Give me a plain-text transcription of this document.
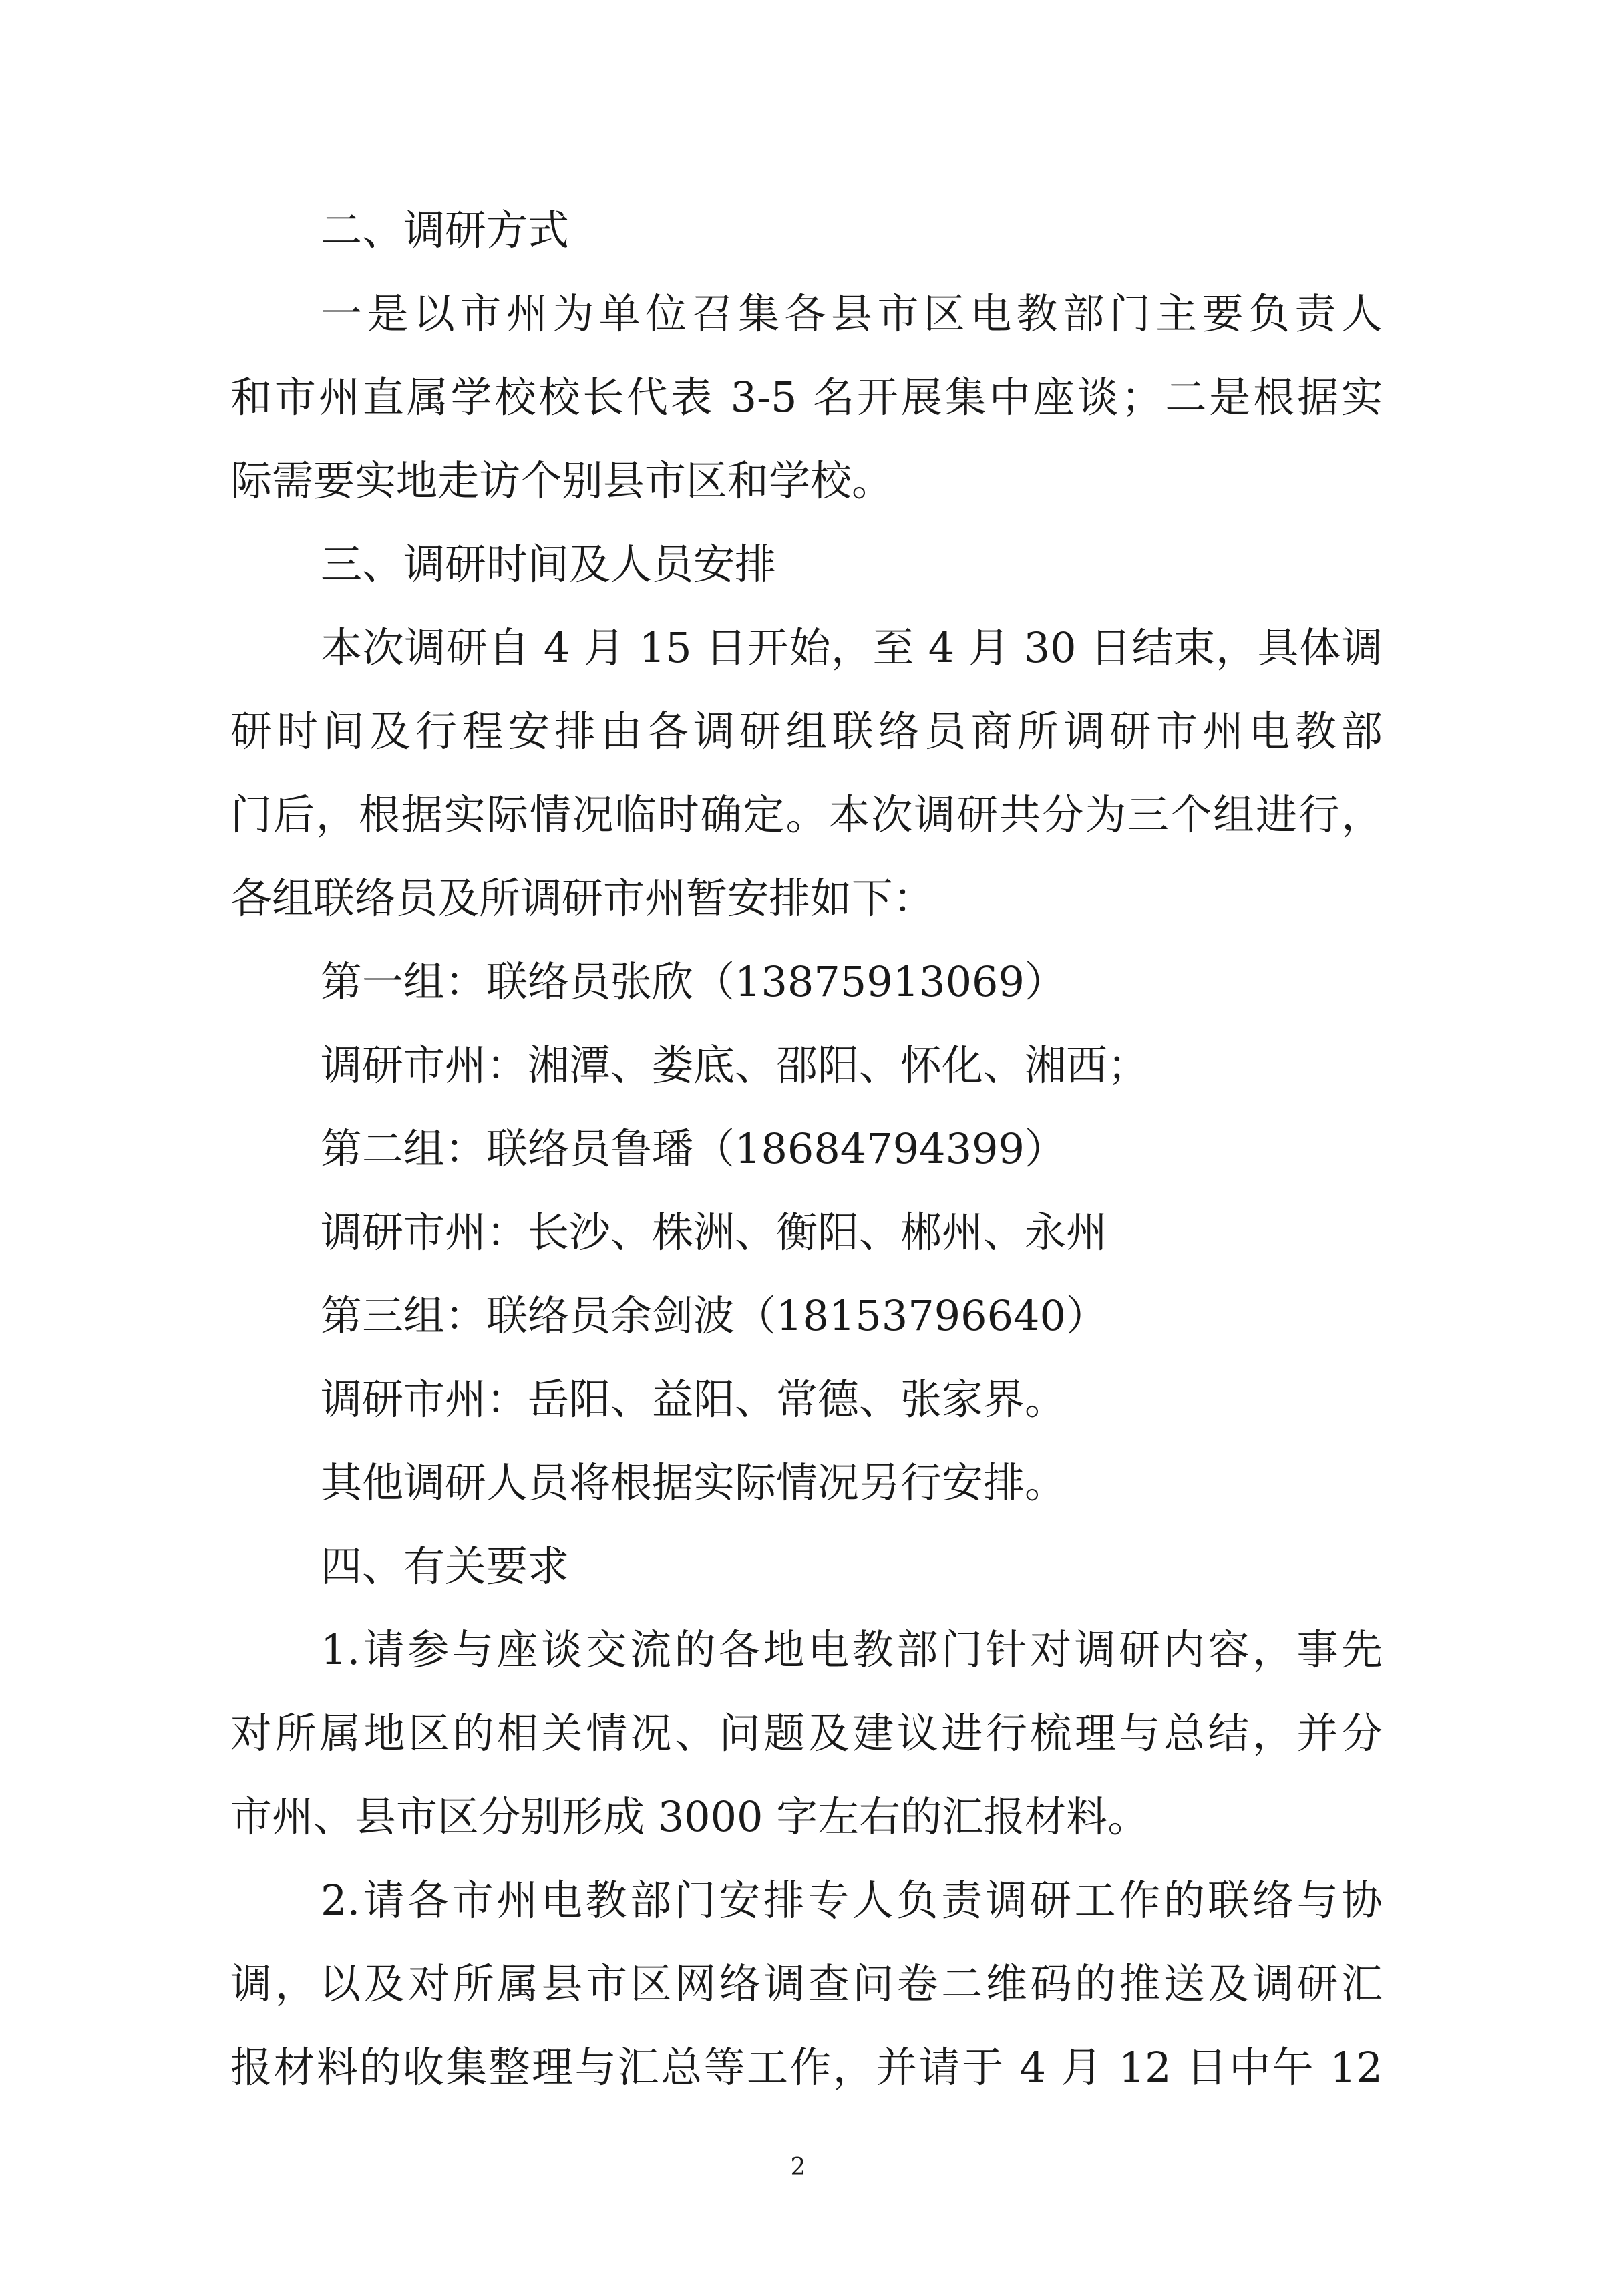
二、调研方式
一是以市州为单位召集各县市区电教部门主要负责人
和市州直属学校校长代表 3-5 名开展集中座谈；二是根据实
际需要实地走访个别县市区和学校。
三、调研时间及人员安排
本次调研自 4 月 15 日开始，至 4 月 30 日结束，具体调
研时间及行程安排由各调研组联络员商所调研市州电教部
门后，根据实际情况临时确定。本次调研共分为三个组进行，
各组联络员及所调研市州暂安排如下：
第一组：联络员张欣（13875913069）
调研市州：湘潭、娄底、邵阳、怀化、湘西；
第二组：联络员鲁璠（18684794399）
调研市州：长沙、株洲、衡阳、郴州、永州
第三组：联络员余剑波（18153796640）
调研市州：岳阳、益阳、常德、张家界。
其他调研人员将根据实际情况另行安排。
四、有关要求
1.请参与座谈交流的各地电教部门针对调研内容，事先
对所属地区的相关情况、问题及建议进行梳理与总结，并分
市州、县市区分别形成 3000 字左右的汇报材料。
2.请各市州电教部门安排专人负责调研工作的联络与协
调，以及对所属县市区网络调查问卷二维码的推送及调研汇
报材料的收集整理与汇总等工作，并请于 4 月 12 日中午 12
2
